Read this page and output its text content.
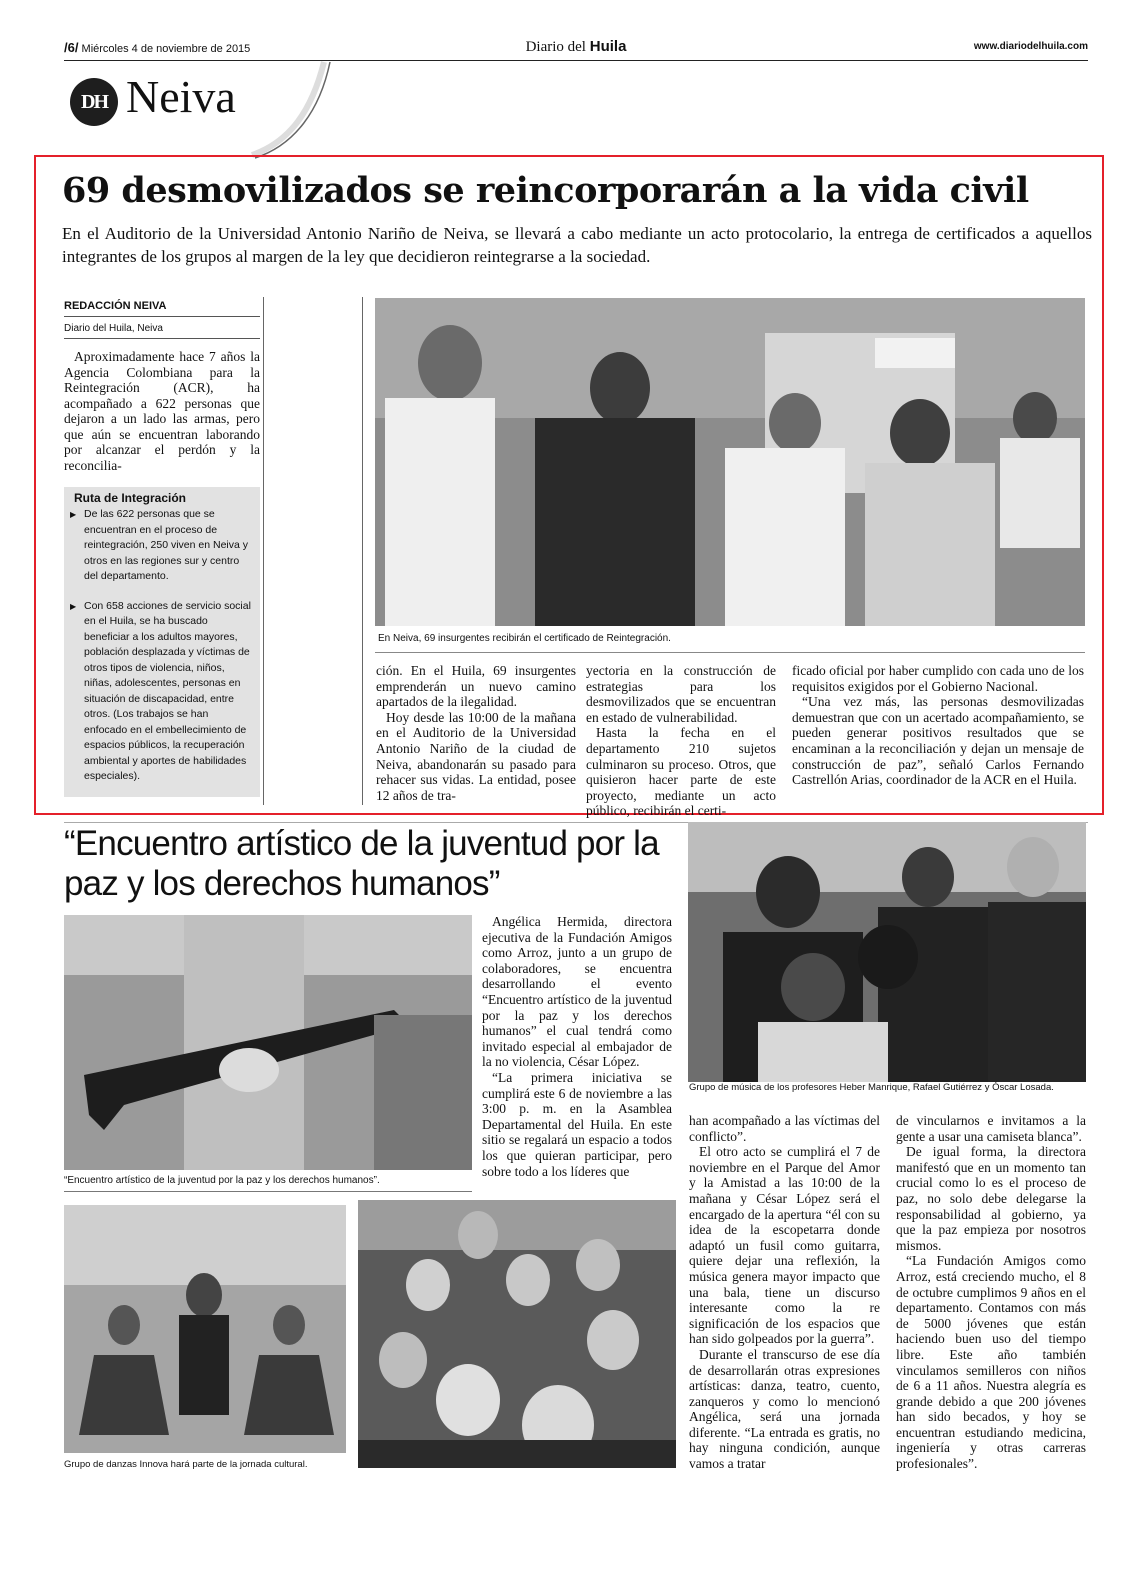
/6/ Miércoles 4 de noviembre de 2015	Diario del Huila	www.diariodelhuila.com
DH Neiva
69 desmovilizados se reincorporarán a la vida civil
En el Auditorio de la Universidad Antonio Nariño de Neiva, se llevará a cabo mediante un acto protocolario, la entrega de certificados a aquellos integrantes de los grupos al margen de la ley que decidieron reintegrarse a la sociedad.
REDACCIÓN NEIVA
Diario del Huila, Neiva

Aproximadamente hace 7 años la Agencia Colombiana para la Reintegración (ACR), ha acompañado a 622 personas que dejaron a un lado las armas, pero que aún se encuentran laborando por alcanzar el perdón y la reconcilia-

Ruta de Integración

▶ De las 622 personas que se encuentran en el proceso de reintegración, 250 viven en Neiva y otros en las regiones sur y centro del departamento.

▶ Con 658 acciones de servicio social en el Huila, se ha buscado beneficiar a los adultos mayores, población desplazada y víctimas de otros tipos de violencia, niños, niñas, adolescentes, personas en situación de discapacidad, entre otros. (Los trabajos se han enfocado en el embellecimiento de espacios públicos, la recuperación ambiental y aportes de habilidades especiales).

En Neiva, 69 insurgentes recibirán el certificado de Reintegración.

ción. En el Huila, 69 insurgentes emprenderán un nuevo camino apartados de la ilegalidad.

Hoy desde las 10:00 de la mañana en el Auditorio de la Universidad Antonio Nariño de la ciudad de Neiva, abandonarán su pasado para rehacer sus vidas. La entidad, posee 12 años de tra-

yectoria en la construcción de estrategias para los desmovilizados que se encuentran en estado de vulnerabilidad.

Hasta la fecha en el departamento 210 sujetos culminaron su proceso. Otros, que quisieron hacer parte de este proyecto, mediante un acto público, recibirán el certi-

ficado oficial por haber cumplido con cada uno de los requisitos exigidos por el Gobierno Nacional.

“Una vez más, las personas desmovilizadas demuestran que con un acertado acompañamiento, se pueden generar positivos resultados que se encaminan a la reconciliación y dejan un mensaje de construcción de paz”, señaló Carlos Fernando Castrellón Arias, coordinador de la ACR en el Huila.

“Encuentro artístico de la juventud por la paz y los derechos humanos”
Grupo de música de los profesores Heber Manrique, Rafael Gutiérrez y Óscar Losada.
“Encuentro artístico de la juventud por la paz y los derechos humanos”.

Angélica Hermida, directora ejecutiva de la Fundación Amigos como Arroz, junto a un grupo de colaboradores, se encuentra desarrollando el evento “Encuentro artístico de la juventud por la paz y los derechos humanos” el cual tendrá como invitado especial al embajador de la no violencia, César López.

“La primera iniciativa se cumplirá este 6 de noviembre a las 3:00 p. m. en la Asamblea Departamental del Huila. En este sitio se regalará un espacio a todos los que quieran participar, pero sobre todo a los líderes que

han acompañado a las víctimas del conflicto”.

El otro acto se cumplirá el 7 de noviembre en el Parque del Amor y la Amistad a las 10:00 de la mañana y César López será el encargado de la apertura “él con su idea de la escopetarra donde adaptó un fusil como guitarra, quiere dejar una reflexión, la música genera mayor impacto que una bala, tiene un discurso interesante como la re significación de los espacios que han sido golpeados por la guerra”.

Durante el transcurso de ese día de desarrollarán otras expresiones artísticas: danza, teatro, cuento, zanqueros y como lo mencionó Angélica, será una jornada diferente. “La entrada es gratis, no hay ninguna condición, aunque vamos a tratar

de vincularnos e invitamos a la gente a usar una camiseta blanca”.

De igual forma, la directora manifestó que en un momento tan crucial como lo es el proceso de paz, no solo debe delegarse la responsabilidad al gobierno, ya que la paz empieza por nosotros mismos.

“La Fundación Amigos como Arroz, está creciendo mucho, el 8 de octubre cumplimos 9 años en el departamento. Contamos con más de 5000 jóvenes que están haciendo buen uso del tiempo libre. Este año también vinculamos semilleros con niños de 6 a 11 años. Nuestra alegría es grande debido a que 200 jóvenes han sido becados, y hoy se encuentran estudiando medicina, ingeniería y otras carreras profesionales”.

Grupo de danzas Innova hará parte de la jornada cultural.
